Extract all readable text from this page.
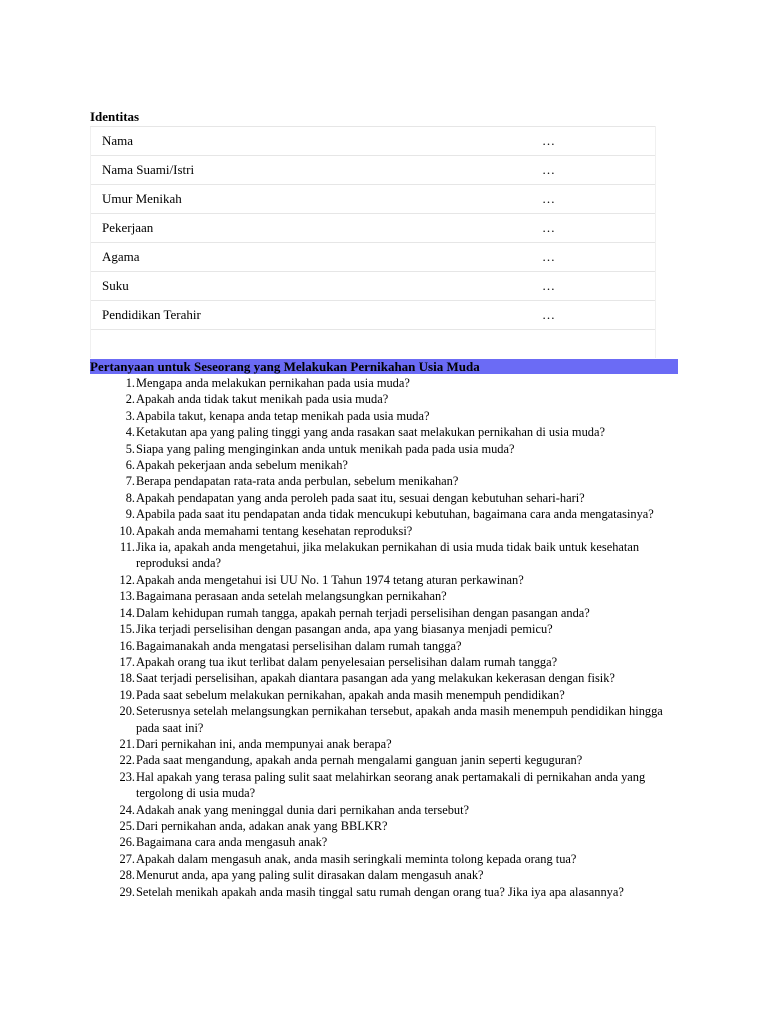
Identitas

Nama	…
Nama Suami/Istri	…
Umur Menikah	…
Pekerjaan	…
Agama	…
Suku	…
Pendidikan Terahir	…

Pertanyaan untuk Seseorang yang Melakukan Pernikahan Usia Muda
1. Mengapa anda melakukan pernikahan pada usia muda?
2. Apakah anda tidak takut menikah pada usia muda?
3. Apabila takut, kenapa anda tetap menikah pada usia muda?
4. Ketakutan apa yang paling tinggi yang anda rasakan saat melakukan pernikahan di usia muda?
5. Siapa yang paling menginginkan anda untuk menikah pada pada usia muda?
6. Apakah pekerjaan anda sebelum menikah?
7. Berapa pendapatan rata-rata anda perbulan, sebelum menikahan?
8. Apakah pendapatan yang anda peroleh pada saat itu, sesuai dengan kebutuhan sehari-hari?
9. Apabila pada saat itu pendapatan anda tidak mencukupi kebutuhan, bagaimana cara anda mengatasinya?
10. Apakah anda memahami tentang kesehatan reproduksi?
11. Jika ia, apakah anda mengetahui, jika melakukan pernikahan di usia muda tidak baik untuk kesehatan reproduksi anda?
12. Apakah anda mengetahui isi UU No. 1 Tahun 1974 tetang aturan perkawinan?
13. Bagaimana perasaan anda setelah melangsungkan pernikahan?
14. Dalam kehidupan rumah tangga, apakah pernah terjadi perselisihan dengan pasangan anda?
15. Jika terjadi perselisihan dengan pasangan anda, apa yang biasanya menjadi pemicu?
16. Bagaimanakah anda mengatasi perselisihan dalam rumah tangga?
17. Apakah orang tua ikut terlibat dalam penyelesaian perselisihan dalam rumah tangga?
18. Saat terjadi perselisihan, apakah diantara pasangan ada yang melakukan kekerasan dengan fisik?
19. Pada saat sebelum melakukan pernikahan, apakah anda masih menempuh pendidikan?
20. Seterusnya setelah melangsungkan pernikahan tersebut, apakah anda masih menempuh pendidikan hingga pada saat ini?
21. Dari pernikahan ini, anda mempunyai anak berapa?
22. Pada saat mengandung, apakah anda pernah mengalami ganguan janin seperti keguguran?
23. Hal apakah yang terasa paling sulit saat melahirkan seorang anak pertamakali di pernikahan anda yang tergolong di usia muda?
24. Adakah anak yang meninggal dunia dari pernikahan anda tersebut?
25. Dari pernikahan anda, adakan anak yang BBLKR?
26. Bagaimana cara anda mengasuh anak?
27. Apakah dalam mengasuh anak, anda masih seringkali meminta tolong kepada orang tua?
28. Menurut anda, apa yang paling sulit dirasakan dalam mengasuh anak?
29. Setelah menikah apakah anda masih tinggal satu rumah dengan orang tua? Jika iya apa alasannya?
